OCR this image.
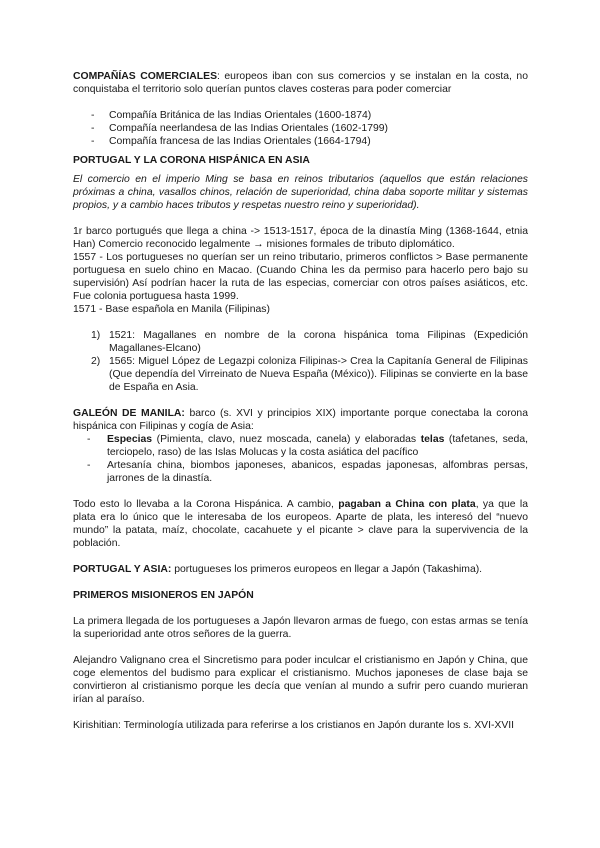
COMPAÑÍAS COMERCIALES: europeos iban con sus comercios y se instalan en la costa, no conquistaba el territorio solo querían puntos claves costeras para poder comerciar

- Compañía Británica de las Indias Orientales (1600-1874)
- Compañía neerlandesa de las Indias Orientales (1602-1799)
- Compañía francesa de las Indias Orientales (1664-1794)

PORTUGAL Y LA CORONA HISPÁNICA EN ASIA

El comercio en el imperio Ming se basa en reinos tributarios (aquellos que están relaciones próximas a china, vasallos chinos, relación de superioridad, china daba soporte militar y sistemas propios, y a cambio haces tributos y respetas nuestro reino y superioridad).

1r barco portugués que llega a china -> 1513-1517, época de la dinastía Ming (1368-1644, etnia Han) Comercio reconocido legalmente → misiones formales de tributo diplomático.

1557 - Los portugueses no querían ser un reino tributario, primeros conflictos > Base permanente portuguesa en suelo chino en Macao. (Cuando China les da permiso para hacerlo pero bajo su supervisión) Así podrían hacer la ruta de las especias, comerciar con otros países asiáticos, etc. Fue colonia portuguesa hasta 1999.

1571 - Base española en Manila (Filipinas)

1) 1521: Magallanes en nombre de la corona hispánica toma Filipinas (Expedición Magallanes-Elcano)
2) 1565: Miguel López de Legazpi coloniza Filipinas-> Crea la Capitanía General de Filipinas (Que dependía del Virreinato de Nueva España (México)). Filipinas se convierte en la base de España en Asia.

GALEÓN DE MANILA: barco (s. XVI y principios XIX) importante porque conectaba la corona hispánica con Filipinas y cogía de Asia:

- Especias (Pimienta, clavo, nuez moscada, canela) y elaboradas telas (tafetanes, seda, terciopelo, raso) de las Islas Molucas y la costa asiática del pacífico
- Artesanía china, biombos japoneses, abanicos, espadas japonesas, alfombras persas, jarrones de la dinastía.

Todo esto lo llevaba a la Corona Hispánica. A cambio, pagaban a China con plata, ya que la plata era lo único que le interesaba de los europeos. Aparte de plata, les interesó del “nuevo mundo” la patata, maíz, chocolate, cacahuete y el picante > clave para la supervivencia de la población.

PORTUGAL Y ASIA: portugueses los primeros europeos en llegar a Japón (Takashima).

PRIMEROS MISIONEROS EN JAPÓN

La primera llegada de los portugueses a Japón llevaron armas de fuego, con estas armas se tenía la superioridad ante otros señores de la guerra.

Alejandro Valignano crea el Sincretismo para poder inculcar el cristianismo en Japón y China, que coge elementos del budismo para explicar el cristianismo. Muchos japoneses de clase baja se convirtieron al cristianismo porque les decía que venían al mundo a sufrir pero cuando murieran irían al paraíso.

Kirishitian: Terminología utilizada para referirse a los cristianos en Japón durante los s. XVI-XVII
